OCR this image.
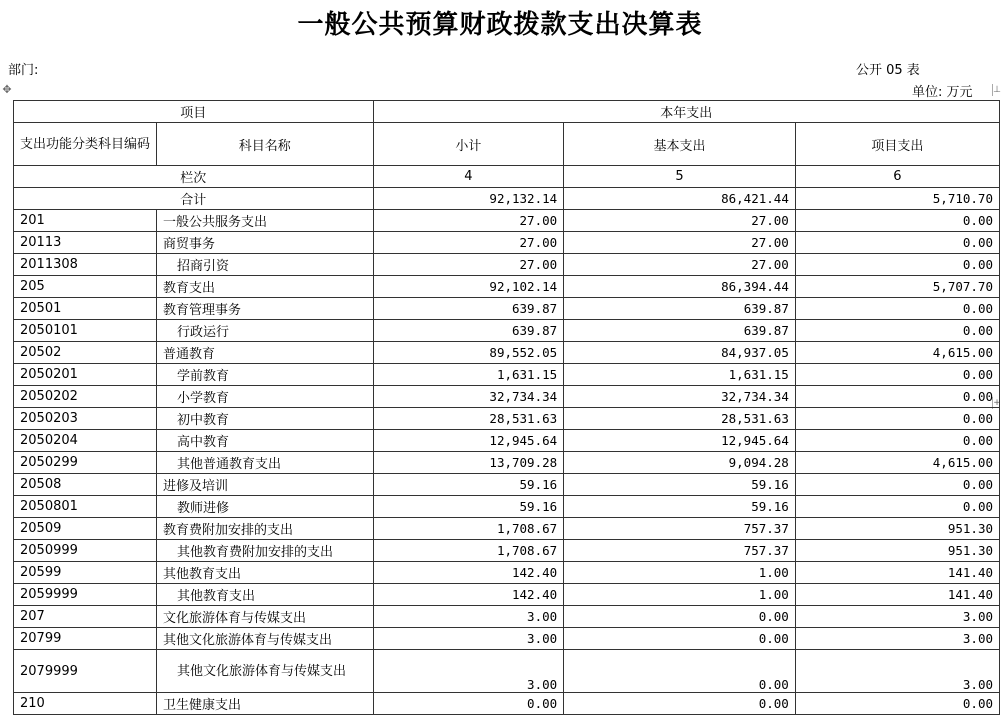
一般公共预算财政拨款支出决算表
部门:	公开 05 表
单位: 万元
✥	⊥
+
项目		本年支出		
支出功能分类科目编码	科目名称	小计	基本支出	项目支出
栏次		4	5	6
合计		92,132.14	86,421.44	5,710.70
201	一般公共服务支出	27.00	27.00	0.00
20113	商贸事务	27.00	27.00	0.00
2011308	招商引资	27.00	27.00	0.00
205	教育支出	92,102.14	86,394.44	5,707.70
20501	教育管理事务	639.87	639.87	0.00
2050101	行政运行	639.87	639.87	0.00
20502	普通教育	89,552.05	84,937.05	4,615.00
2050201	学前教育	1,631.15	1,631.15	0.00
2050202	小学教育	32,734.34	32,734.34	0.00
2050203	初中教育	28,531.63	28,531.63	0.00
2050204	高中教育	12,945.64	12,945.64	0.00
2050299	其他普通教育支出	13,709.28	9,094.28	4,615.00
20508	进修及培训	59.16	59.16	0.00
2050801	教师进修	59.16	59.16	0.00
20509	教育费附加安排的支出	1,708.67	757.37	951.30
2050999	其他教育费附加安排的支出	1,708.67	757.37	951.30
20599	其他教育支出	142.40	1.00	141.40
2059999	其他教育支出	142.40	1.00	141.40
207	文化旅游体育与传媒支出	3.00	0.00	3.00
20799	其他文化旅游体育与传媒支出	3.00	0.00	3.00
2079999	其他文化旅游体育与传媒支出	3.00	0.00	3.00
210	卫生健康支出	0.00	0.00	0.00
